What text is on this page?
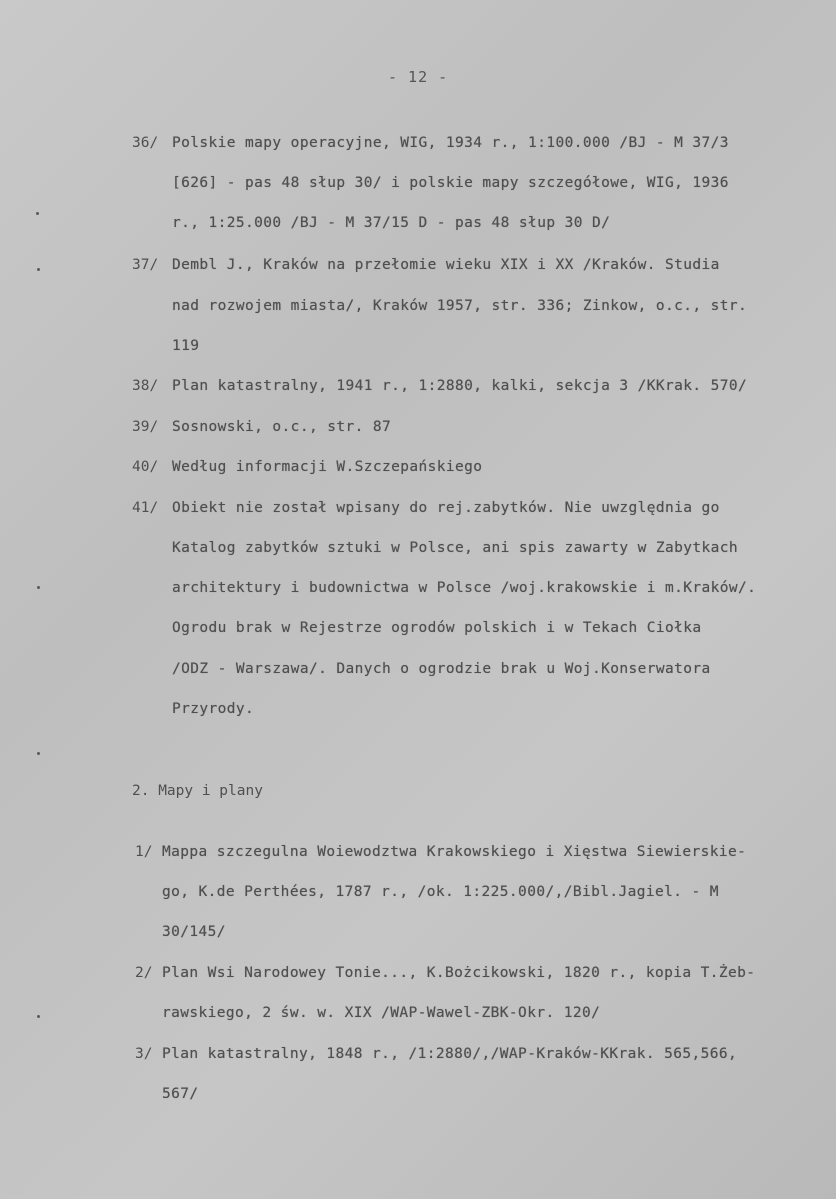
- 12 -
36/ Polskie mapy operacyjne, WIG, 1934 r., 1:100.000 /BJ - M 37/3
[626] - pas 48 słup 30/ i polskie mapy szczegółowe, WIG, 1936
r., 1:25.000 /BJ - M 37/15 D - pas 48 słup 30 D/
37/ Dembl J., Kraków na przełomie wieku XIX i XX /Kraków. Studia
nad rozwojem miasta/, Kraków 1957, str. 336; Zinkow, o.c., str.
119
38/ Plan katastralny, 1941 r., 1:2880, kalki, sekcja 3 /KKrak. 570/
39/ Sosnowski, o.c., str. 87
40/ Według informacji W.Szczepańskiego
41/ Obiekt nie został wpisany do rej.zabytków. Nie uwzględnia go
Katalog zabytków sztuki w Polsce, ani spis zawarty w Zabytkach
architektury i budownictwa w Polsce /woj.krakowskie i m.Kraków/.
Ogrodu brak w Rejestrze ogrodów polskich i w Tekach Ciołka
/ODZ - Warszawa/. Danych o ogrodzie brak u Woj.Konserwatora
Przyrody.
2. Mapy i plany
1/ Mappa szczegulna Woiewodztwa Krakowskiego i Xięstwa Siewierskie-
go, K.de Perthées, 1787 r., /ok. 1:225.000/,/Bibl.Jagiel. - M
30/145/
2/ Plan Wsi Narodowey Tonie..., K.Bożcikowski, 1820 r., kopia T.Żeb-
rawskiego, 2 św. w. XIX /WAP-Wawel-ZBK-Okr. 120/
3/ Plan katastralny, 1848 r., /1:2880/,/WAP-Kraków-KKrak. 565,566,
567/
